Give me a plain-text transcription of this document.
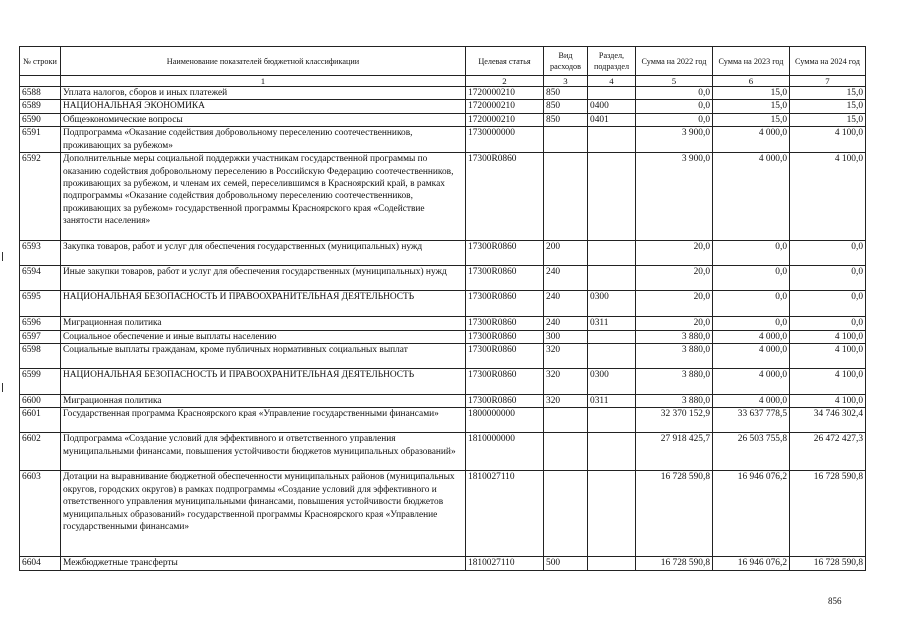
№ строки	Наименование показателей бюджетной классификации	Целевая статья	Вид расходов	Раздел, подраздел	Сумма на 2022 год	Сумма на 2023 год	Сумма на 2024 год
	1	2	3	4	5	6	7
6588	Уплата налогов, сборов и иных платежей	1720000210	850		0,0	15,0	15,0
6589	НАЦИОНАЛЬНАЯ ЭКОНОМИКА	1720000210	850	0400	0,0	15,0	15,0
6590	Общеэкономические вопросы	1720000210	850	0401	0,0	15,0	15,0
6591	Подпрограмма «Оказание содействия добровольному переселению соотечественников, проживающих за рубежом»	1730000000			3 900,0	4 000,0	4 100,0
6592	Дополнительные меры социальной поддержки участникам государственной программы по оказанию содействия добровольному переселению в Российскую Федерацию соотечественников, проживающих за рубежом, и членам их семей, переселившимся в Красноярский край, в рамках подпрограммы «Оказание содействия добровольному переселению соотечественников, проживающих за рубежом» государственной программы Красноярского края «Содействие занятости населения»	17300R0860			3 900,0	4 000,0	4 100,0
6593	Закупка товаров, работ и услуг для обеспечения государственных (муниципальных) нужд	17300R0860	200		20,0	0,0	0,0
6594	Иные закупки товаров, работ и услуг для обеспечения государственных (муниципальных) нужд	17300R0860	240		20,0	0,0	0,0
6595	НАЦИОНАЛЬНАЯ БЕЗОПАСНОСТЬ И ПРАВООХРАНИТЕЛЬНАЯ ДЕЯТЕЛЬНОСТЬ	17300R0860	240	0300	20,0	0,0	0,0
6596	Миграционная политика	17300R0860	240	0311	20,0	0,0	0,0
6597	Социальное обеспечение и иные выплаты населению	17300R0860	300		3 880,0	4 000,0	4 100,0
6598	Социальные выплаты гражданам, кроме публичных нормативных социальных выплат	17300R0860	320		3 880,0	4 000,0	4 100,0
6599	НАЦИОНАЛЬНАЯ БЕЗОПАСНОСТЬ И ПРАВООХРАНИТЕЛЬНАЯ ДЕЯТЕЛЬНОСТЬ	17300R0860	320	0300	3 880,0	4 000,0	4 100,0
6600	Миграционная политика	17300R0860	320	0311	3 880,0	4 000,0	4 100,0
6601	Государственная программа Красноярского края «Управление государственными финансами»	1800000000			32 370 152,9	33 637 778,5	34 746 302,4
6602	Подпрограмма «Создание условий для эффективного и ответственного управления муниципальными финансами, повышения устойчивости бюджетов муниципальных образований»	1810000000			27 918 425,7	26 503 755,8	26 472 427,3
6603	Дотации на выравнивание бюджетной обеспеченности муниципальных районов (муниципальных округов, городских округов) в рамках подпрограммы «Создание условий для эффективного и ответственного управления муниципальными финансами, повышения устойчивости бюджетов муниципальных образований» государственной программы Красноярского края «Управление государственными финансами»	1810027110			16 728 590,8	16 946 076,2	16 728 590,8
6604	Межбюджетные трансферты	1810027110	500		16 728 590,8	16 946 076,2	16 728 590,8
856
